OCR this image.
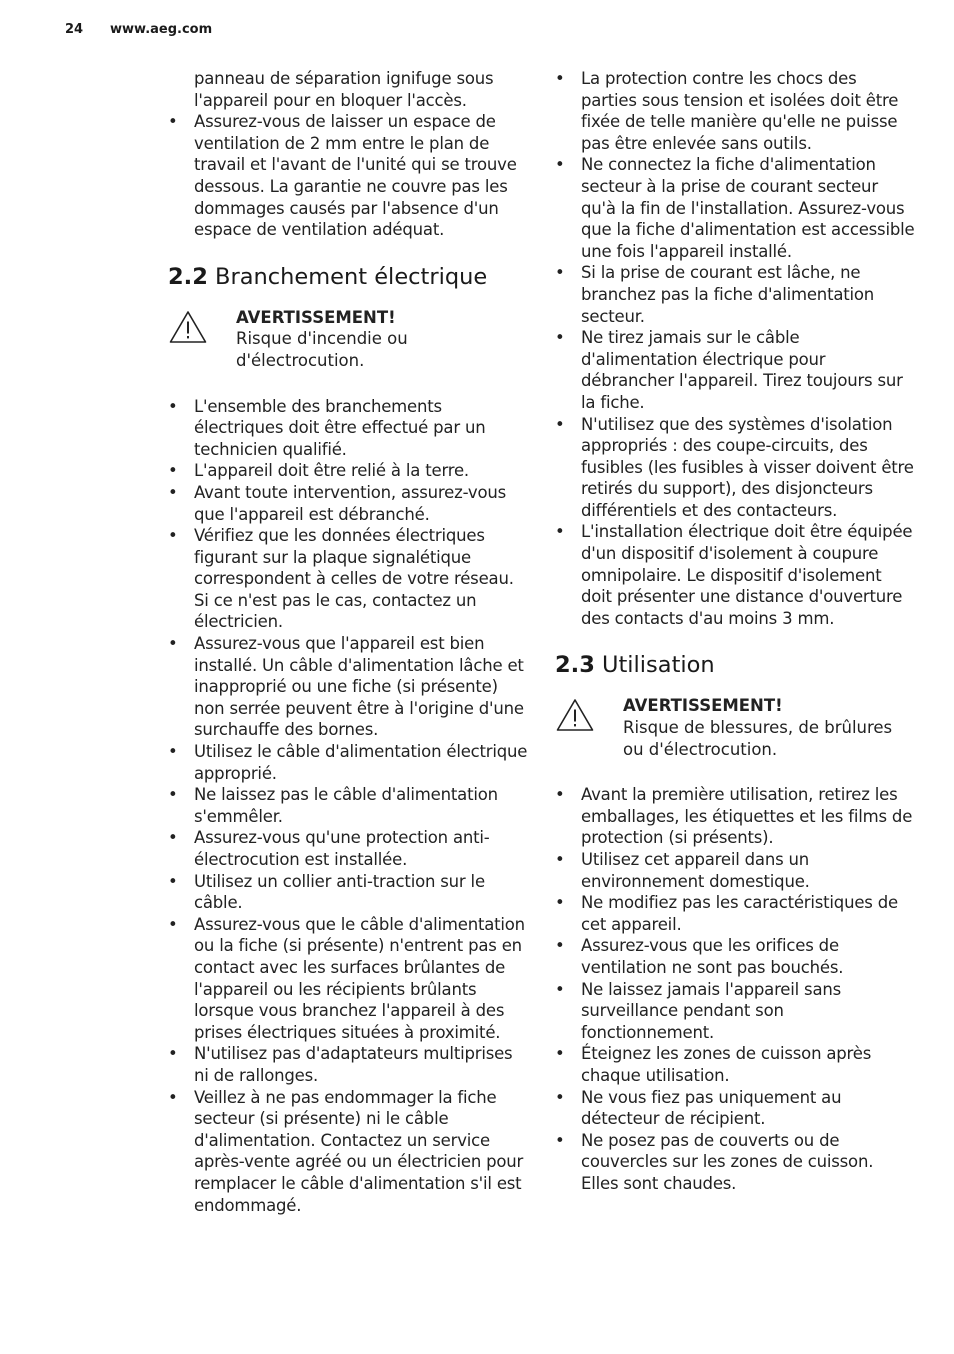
24 www.aeg.com
panneau de séparation ignifuge sous l'appareil pour en bloquer l'accès.
• Assurez-vous de laisser un espace de ventilation de 2 mm entre le plan de travail et l'avant de l'unité qui se trouve dessous. La garantie ne couvre pas les dommages causés par l'absence d'un espace de ventilation adéquat.
2.2 Branchement électrique
AVERTISSEMENT!
Risque d'incendie ou d'électrocution.
• L'ensemble des branchements électriques doit être effectué par un technicien qualifié.
• L'appareil doit être relié à la terre.
• Avant toute intervention, assurez-vous que l'appareil est débranché.
• Vérifiez que les données électriques figurant sur la plaque signalétique correspondent à celles de votre réseau. Si ce n'est pas le cas, contactez un électricien.
• Assurez-vous que l'appareil est bien installé. Un câble d'alimentation lâche et inapproprié ou une fiche (si présente) non serrée peuvent être à l'origine d'une surchauffe des bornes.
• Utilisez le câble d'alimentation électrique approprié.
• Ne laissez pas le câble d'alimentation s'emmêler.
• Assurez-vous qu'une protection anti-électrocution est installée.
• Utilisez un collier anti-traction sur le câble.
• Assurez-vous que le câble d'alimentation ou la fiche (si présente) n'entrent pas en contact avec les surfaces brûlantes de l'appareil ou les récipients brûlants lorsque vous branchez l'appareil à des prises électriques situées à proximité.
• N'utilisez pas d'adaptateurs multiprises ni de rallonges.
• Veillez à ne pas endommager la fiche secteur (si présente) ni le câble d'alimentation. Contactez un service après-vente agréé ou un électricien pour remplacer le câble d'alimentation s'il est endommagé.
• La protection contre les chocs des parties sous tension et isolées doit être fixée de telle manière qu'elle ne puisse pas être enlevée sans outils.
• Ne connectez la fiche d'alimentation secteur à la prise de courant secteur qu'à la fin de l'installation. Assurez-vous que la fiche d'alimentation est accessible une fois l'appareil installé.
• Si la prise de courant est lâche, ne branchez pas la fiche d'alimentation secteur.
• Ne tirez jamais sur le câble d'alimentation électrique pour débrancher l'appareil. Tirez toujours sur la fiche.
• N'utilisez que des systèmes d'isolation appropriés : des coupe-circuits, des fusibles (les fusibles à visser doivent être retirés du support), des disjoncteurs différentiels et des contacteurs.
• L'installation électrique doit être équipée d'un dispositif d'isolement à coupure omnipolaire. Le dispositif d'isolement doit présenter une distance d'ouverture des contacts d'au moins 3 mm.
2.3 Utilisation
AVERTISSEMENT!
Risque de blessures, de brûlures ou d'électrocution.
• Avant la première utilisation, retirez les emballages, les étiquettes et les films de protection (si présents).
• Utilisez cet appareil dans un environnement domestique.
• Ne modifiez pas les caractéristiques de cet appareil.
• Assurez-vous que les orifices de ventilation ne sont pas bouchés.
• Ne laissez jamais l'appareil sans surveillance pendant son fonctionnement.
• Éteignez les zones de cuisson après chaque utilisation.
• Ne vous fiez pas uniquement au détecteur de récipient.
• Ne posez pas de couverts ou de couvercles sur les zones de cuisson. Elles sont chaudes.
